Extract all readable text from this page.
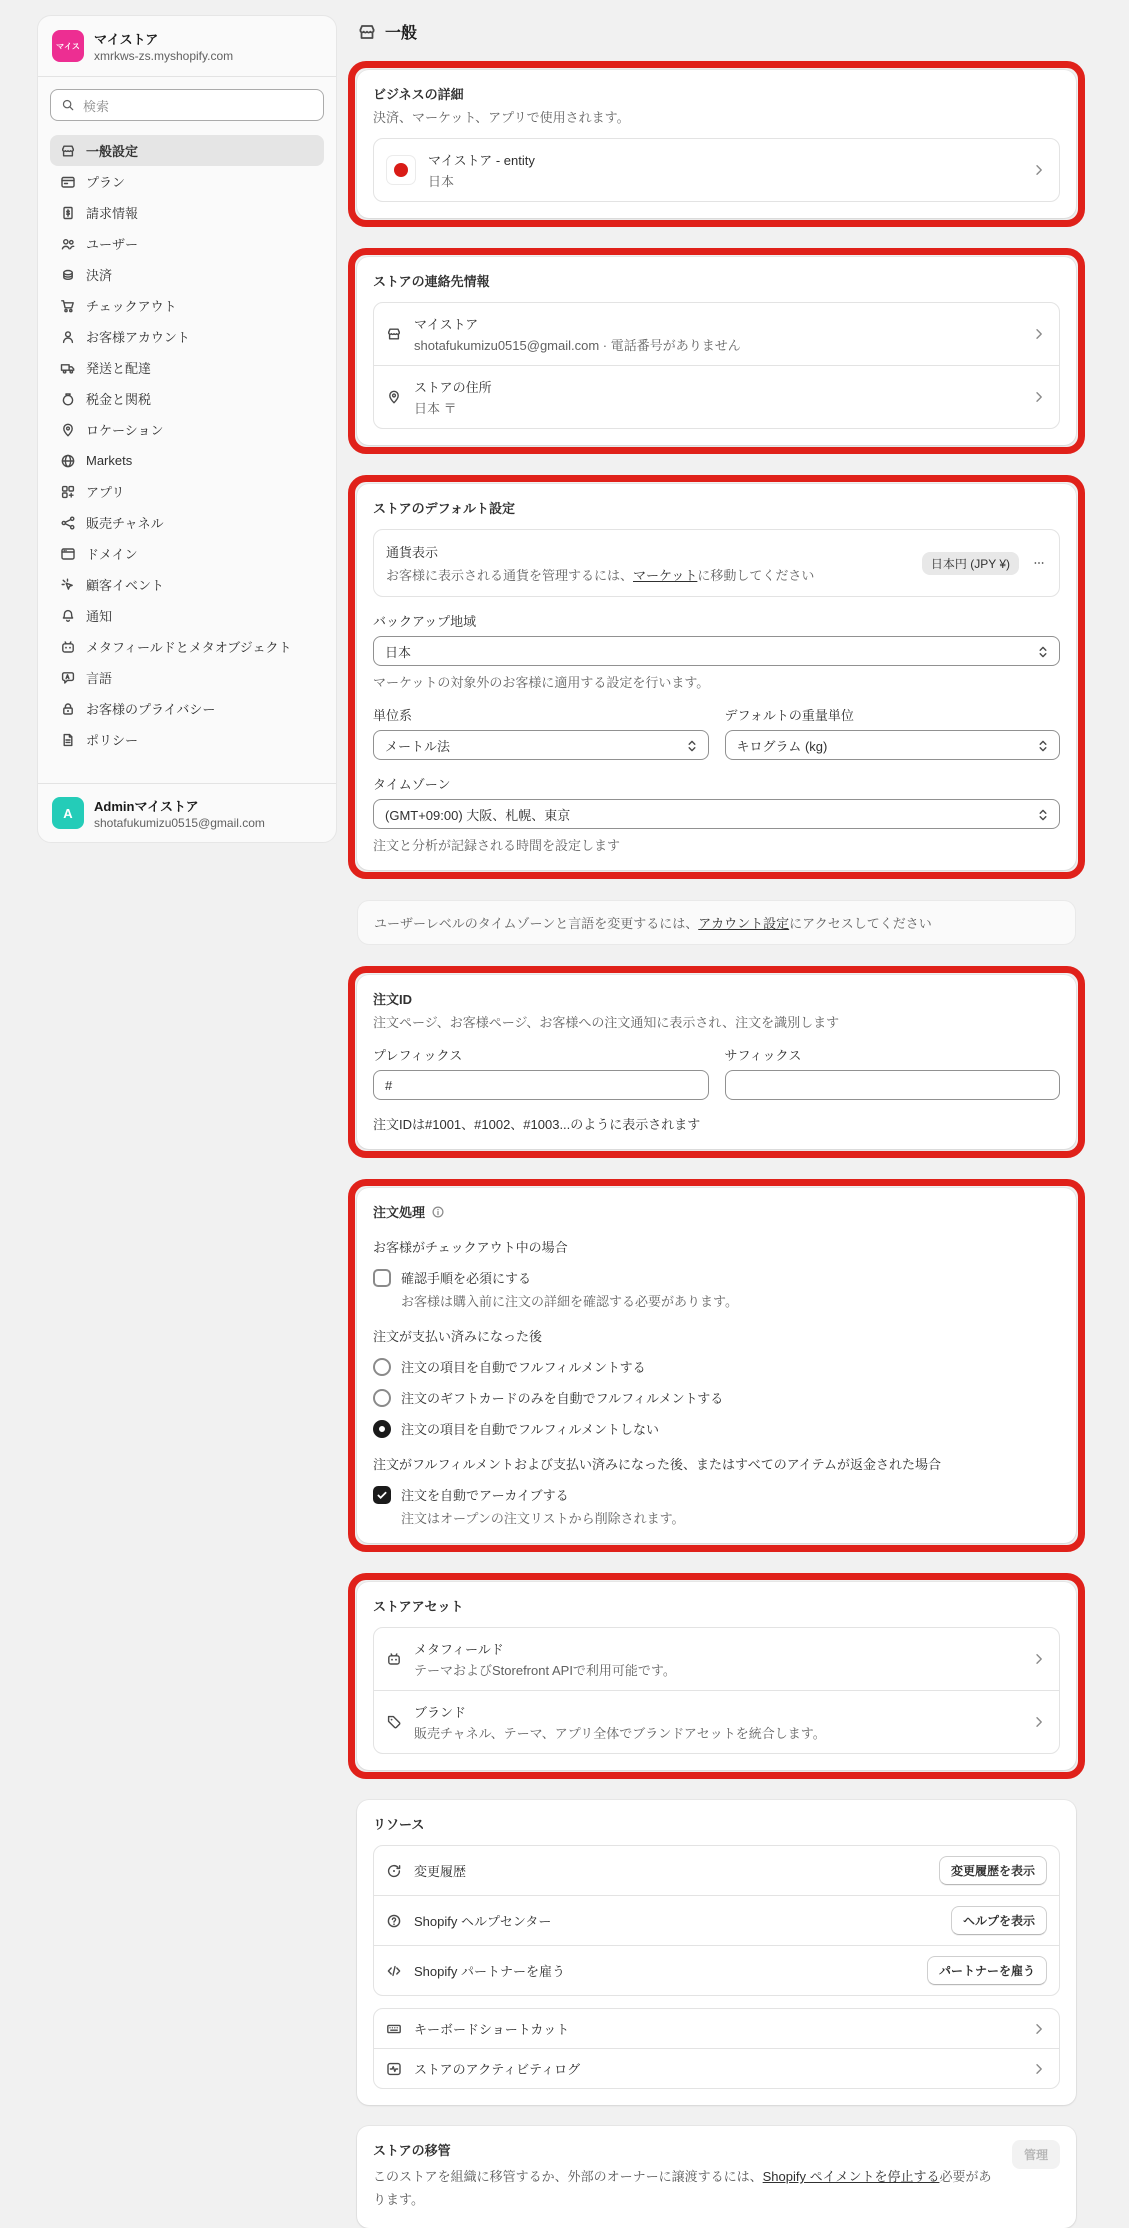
マイス	マイストア
xmrkws-zs.myshopify.com
検索
一般設定
プラン
請求情報
ユーザー
決済
チェックアウト
お客様アカウント
発送と配達
税金と関税
ロケーション
Markets
アプリ
販売チャネル
ドメイン
顧客イベント
通知
メタフィールドとメタオブジェクト
言語
お客様のプライバシー
ポリシー
A	Adminマイストア
shotafukumizu0515@gmail.com
一般
ビジネスの詳細
決済、マーケット、アプリで使用されます。
マイストア - entity
日本
ストアの連絡先情報
マイストア
shotafukumizu0515@gmail.com · 電話番号がありません
ストアの住所
日本 〒
ストアのデフォルト設定
通貨表示
お客様に表示される通貨を管理するには、マーケットに移動してください
日本円 (JPY ¥)
バックアップ地域
日本
マーケットの対象外のお客様に適用する設定を行います。
単位系
メートル法
デフォルトの重量単位
キログラム (kg)
タイムゾーン
(GMT+09:00) 大阪、札幌、東京
注文と分析が記録される時間を設定します
ユーザーレベルのタイムゾーンと言語を変更するには、アカウント設定にアクセスしてください
注文ID
注文ページ、お客様ページ、お客様への注文通知に表示され、注文を識別します
プレフィックス
#	サフィックス
注文IDは#1001、#1002、#1003...のように表示されます
注文処理
お客様がチェックアウト中の場合
確認手順を必須にする
お客様は購入前に注文の詳細を確認する必要があります。
注文が支払い済みになった後
注文の項目を自動でフルフィルメントする
注文のギフトカードのみを自動でフルフィルメントする
注文の項目を自動でフルフィルメントしない
注文がフルフィルメントおよび支払い済みになった後、またはすべてのアイテムが返金された場合
注文を自動でアーカイブする
注文はオープンの注文リストから削除されます。
ストアアセット
メタフィールド
テーマおよびStorefront APIで利用可能です。
ブランド
販売チャネル、テーマ、アプリ全体でブランドアセットを統合します。
リソース
変更履歴	変更履歴を表示
Shopify ヘルプセンター	ヘルプを表示
Shopify パートナーを雇う	パートナーを雇う
キーボードショートカット
ストアのアクティビティログ
ストアの移管
このストアを組織に移管するか、外部のオーナーに譲渡するには、Shopify ペイメントを停止する必要があります。
管理
